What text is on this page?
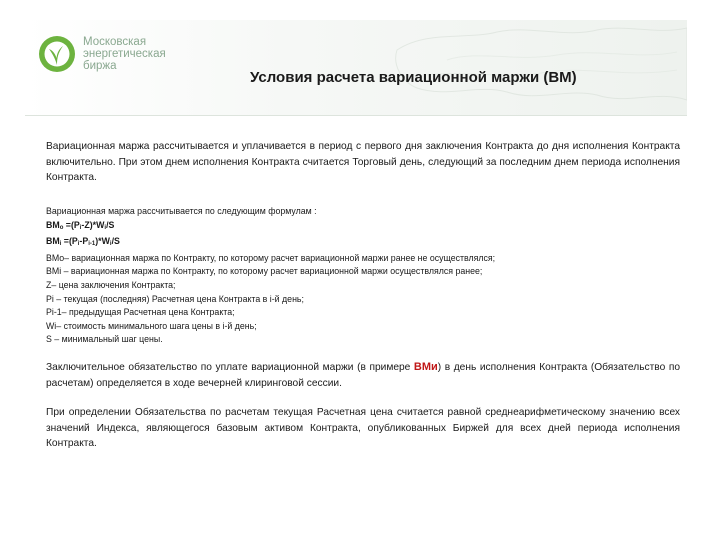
Московская
энергетическая
биржа
Условия расчета вариационной маржи (ВМ)

Вариационная маржа рассчитывается и уплачивается в период с первого дня заключения Контракта до дня исполнения Контракта включительно. При этом днем исполнения Контракта считается Торговый день, следующий за последним днем периода исполнения Контракта.

Вариационная маржа рассчитывается по следующим формулам :
$ВМ_о =(Р_i-Z)*W_i/S$
$ВМ_i =(Р_i-Р_{i-1})*W_i/S$
ВМо– вариационная маржа по Контракту, по которому расчет вариационной маржи ранее не осуществлялся;
ВМi – вариационная маржа по Контракту, по которому расчет вариационной маржи осуществлялся ранее;
Z– цена заключения Контракта;
Рi – текущая (последняя) Расчетная цена Контракта в i-й день;
Рi-1– предыдущая Расчетная цена Контракта;
Wi– стоимость минимального шага цены в i-й день;
S – минимальный шаг цены.

Заключительное обязательство по уплате вариационной маржи (в примере ВМи) в день исполнения Контракта (Обязательство по расчетам) определяется в ходе вечерней клиринговой сессии.

При определении Обязательства по расчетам текущая Расчетная цена считается равной среднеарифметическому значению всех значений Индекса, являющегося базовым активом Контракта, опубликованных Биржей для всех дней периода исполнения Контракта.
